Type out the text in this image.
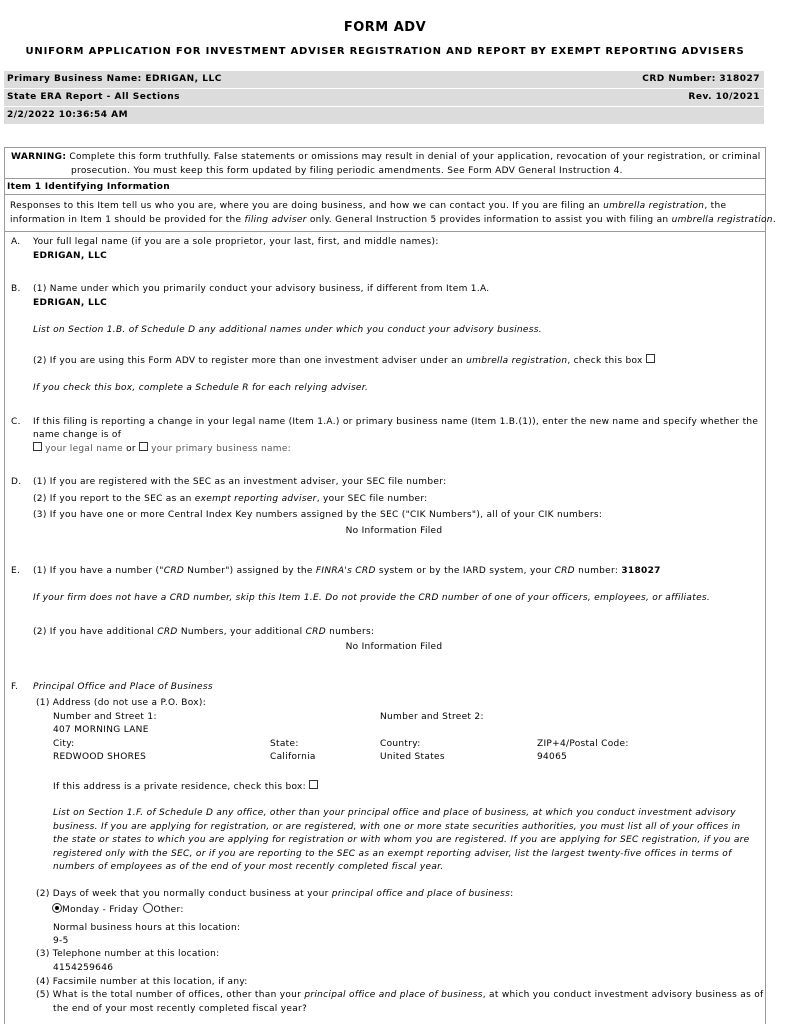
FORM ADV
UNIFORM APPLICATION FOR INVESTMENT ADVISER REGISTRATION AND REPORT BY EXEMPT REPORTING ADVISERS
Primary Business Name: EDRIGAN, LLC	CRD Number: 318027
State ERA Report - All Sections	Rev. 10/2021
2/2/2022 10:36:54 AM
WARNING: Complete this form truthfully. False statements or omissions may result in denial of your application, revocation of your registration, or criminal
prosecution. You must keep this form updated by filing periodic amendments. See Form ADV General Instruction 4.
Item 1 Identifying Information
Responses to this Item tell us who you are, where you are doing business, and how we can contact you. If you are filing an umbrella registration, the
information in Item 1 should be provided for the filing adviser only. General Instruction 5 provides information to assist you with filing an umbrella registration.
A. Your full legal name (if you are a sole proprietor, your last, first, and middle names):
EDRIGAN, LLC
B. (1) Name under which you primarily conduct your advisory business, if different from Item 1.A.
EDRIGAN, LLC
List on Section 1.B. of Schedule D any additional names under which you conduct your advisory business.
(2) If you are using this Form ADV to register more than one investment adviser under an umbrella registration, check this box
If you check this box, complete a Schedule R for each relying adviser.
C. If this filing is reporting a change in your legal name (Item 1.A.) or primary business name (Item 1.B.(1)), enter the new name and specify whether the
name change is of
your legal name or your primary business name:
D. (1) If you are registered with the SEC as an investment adviser, your SEC file number:
(2) If you report to the SEC as an exempt reporting adviser, your SEC file number:
(3) If you have one or more Central Index Key numbers assigned by the SEC ("CIK Numbers"), all of your CIK numbers:
No Information Filed
E. (1) If you have a number ("CRD Number") assigned by the FINRA's CRD system or by the IARD system, your CRD number: 318027
If your firm does not have a CRD number, skip this Item 1.E. Do not provide the CRD number of one of your officers, employees, or affiliates.
(2) If you have additional CRD Numbers, your additional CRD numbers:
No Information Filed
F. Principal Office and Place of Business
(1) Address (do not use a P.O. Box):
Number and Street 1:	Number and Street 2:
407 MORNING LANE
City:	State:	Country:	ZIP+4/Postal Code:
REDWOOD SHORES	California	United States	94065
If this address is a private residence, check this box:
List on Section 1.F. of Schedule D any office, other than your principal office and place of business, at which you conduct investment advisory business. If you are applying for registration, or are registered, with one or more state securities authorities, you must list all of your offices in the state or states to which you are applying for registration or with whom you are registered. If you are applying for SEC registration, if you are registered only with the SEC, or if you are reporting to the SEC as an exempt reporting adviser, list the largest twenty-five offices in terms of numbers of employees as of the end of your most recently completed fiscal year.
(2) Days of week that you normally conduct business at your principal office and place of business:
Monday - Friday Other:
Normal business hours at this location:
9-5
(3) Telephone number at this location:
4154259646
(4) Facsimile number at this location, if any:
(5) What is the total number of offices, other than your principal office and place of business, at which you conduct investment advisory business as of
the end of your most recently completed fiscal year?
